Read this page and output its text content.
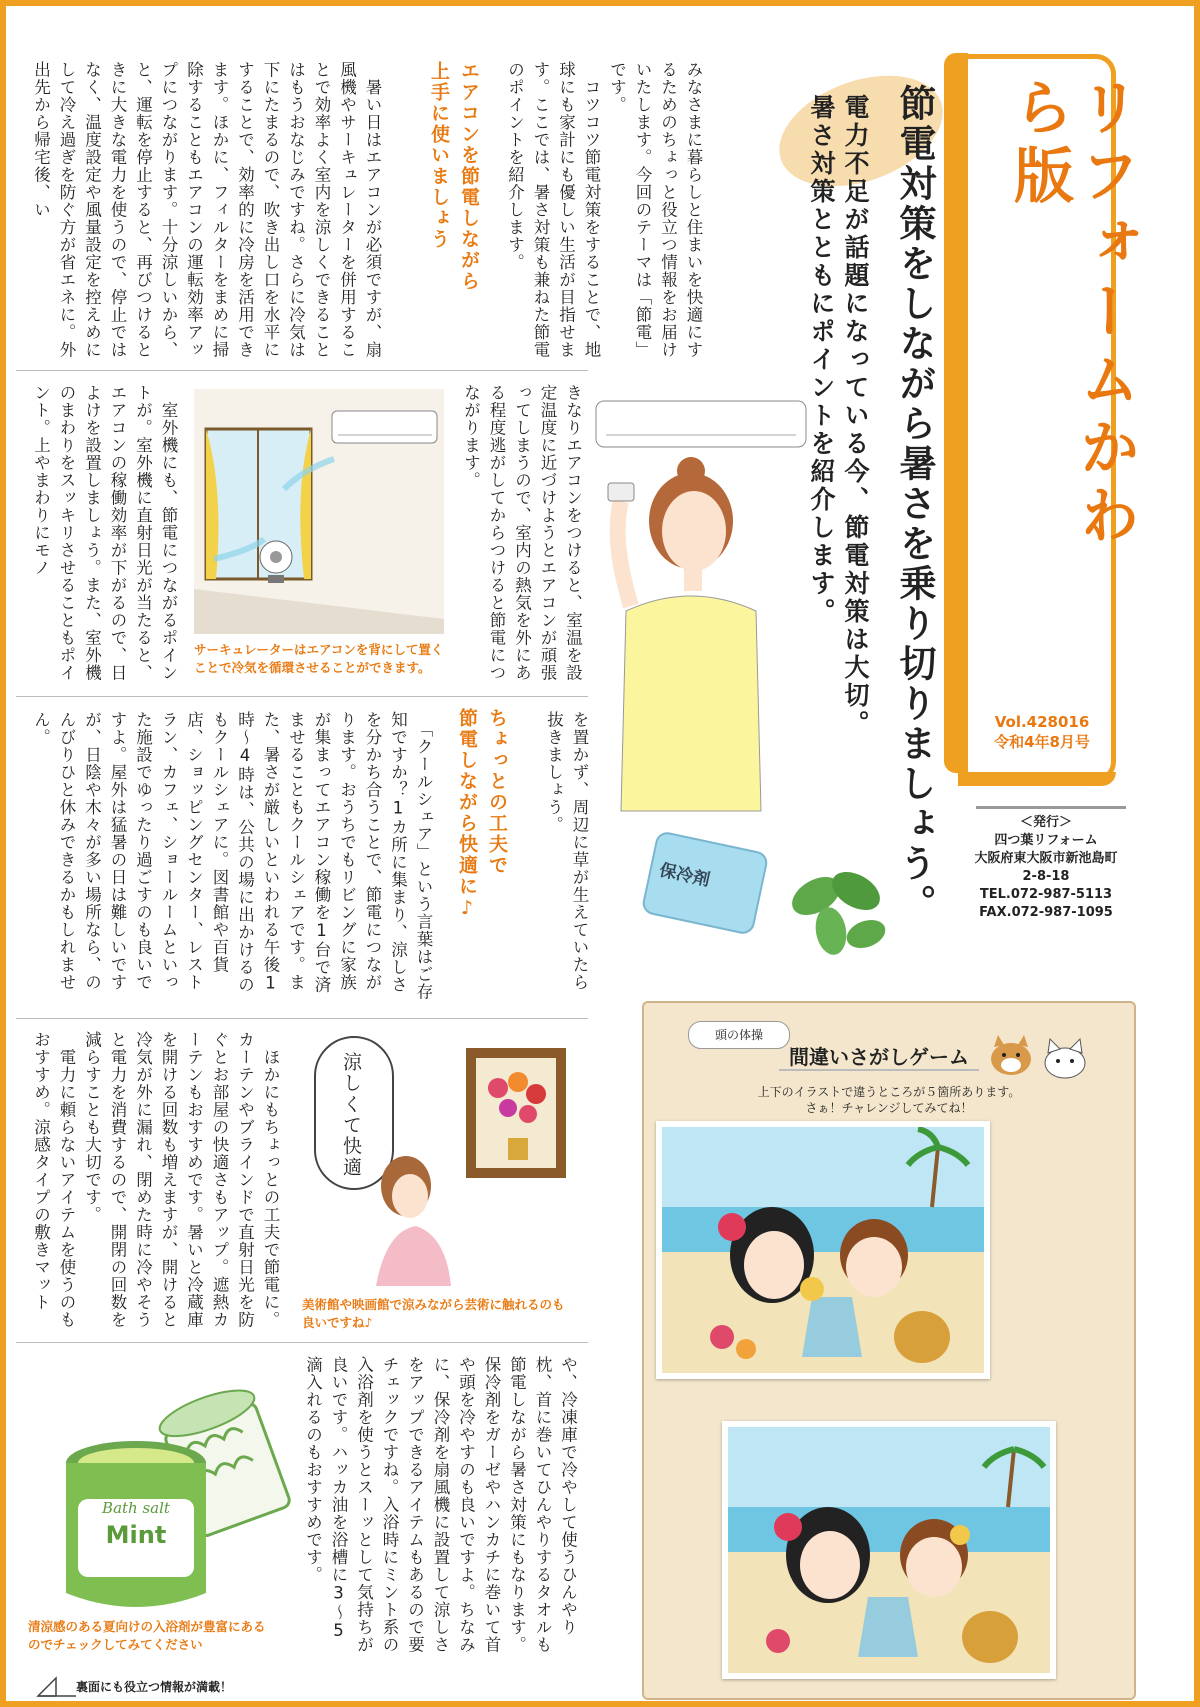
リフォームかわら版
Vol.428016
令和4年8月号
＜発行＞
四つ葉リフォーム
大阪府東大阪市新池島町
2-8-18
TEL.072-987-5113
FAX.072-987-1095
節電対策をしながら暑さを乗り切りましょう。
電力不足が話題になっている今、節電対策は大切。
暑さ対策とともにポイントを紹介します。
みなさまに暮らしと住まいを快適にするためのちょっと役立つ情報をお届けいたします。今回のテーマは「節電」です。
　コツコツ節電対策をすることで、地球にも家計にも優しい生活が目指せます。ここでは、暑さ対策も兼ねた節電のポイントを紹介します。
エアコンを節電しながら
上手に使いましょう
　暑い日はエアコンが必須ですが、扇風機やサーキュレーターを併用することで効率よく室内を涼しくできることはもうおなじみですね。さらに冷気は下にたまるので、吹き出し口を水平にすることで、効率的に冷房を活用できます。ほかに、フィルターをまめに掃除することもエアコンの運転効率アップにつながります。十分涼しいから、と、運転を停止すると、再びつけるときに大きな電力を使うので、停止ではなく、温度設定や風量設定を控えめにして冷え過ぎを防ぐ方が省エネに。外出先から帰宅後、い
きなりエアコンをつけると、室温を設定温度に近づけようとエアコンが頑張ってしまうので、室内の熱気を外にある程度逃がしてからつけると節電につながります。
サーキュレーターはエアコンを背にして置く
ことで冷気を循環させることができます。
　室外機にも、節電につながるポイントが。室外機に直射日光が当たると、エアコンの稼働効率が下がるので、日よけを設置しましょう。また、室外機のまわりをスッキリさせることもポイント。上やまわりにモノ
を置かず、周辺に草が生えていたら抜きましょう。
ちょっとの工夫で
節電しながら快適に♪
　「クールシェア」という言葉はご存知ですか？1カ所に集まり、涼しさを分かち合うことで、節電につながります。おうちでもリビングに家族が集まってエアコン稼働を1台で済ませることもクールシェアです。また、暑さが厳しいといわれる午後1時〜4時は、公共の場に出かけるのもクールシェアに。図書館や百貨店、ショッピングセンター、レストラン、カフェ、ショールームといった施設でゆったり過ごすのも良いですよ。屋外は猛暑の日は難しいですが、日陰や木々が多い場所なら、のんびりひと休みできるかもしれません。
保冷剤
涼しくて快適
　ほかにもちょっとの工夫で節電に。カーテンやブラインドで直射日光を防ぐとお部屋の快適さもアップ。遮熱カーテンもおすすめです。暑いと冷蔵庫を開ける回数も増えますが、開けると冷気が外に漏れ、閉めた時に冷やそうと電力を消費するので、開閉の回数を減らすことも大切です。
　電力に頼らないアイテムを使うのもおすすめ。涼感タイプの敷きマット	美術館や映画館で涼みながら芸術に触れるのも
良いですね♪
や、冷凍庫で冷やして使うひんやり枕、首に巻いてひんやりするタオルも節電しながら暑さ対策にもなります。保冷剤をガーゼやハンカチに巻いて首や頭を冷やすのも良いですよ。ちなみに、保冷剤を扇風機に設置して涼しさをアップできるアイテムもあるので要チェックですね。入浴時にミント系の入浴剤を使うとスーッとして気持ちが良いです。ハッカ油を浴槽に3〜5滴入れるのもおすすめです。
Bath salt
Mint
清涼感のある夏向けの入浴剤が豊富にある
のでチェックしてみてください
裏面にも役立つ情報が満載！
頭の体操
間違いさがしゲーム
上下のイラストで違うところが５箇所あります。
さぁ！チャレンジしてみてね！
